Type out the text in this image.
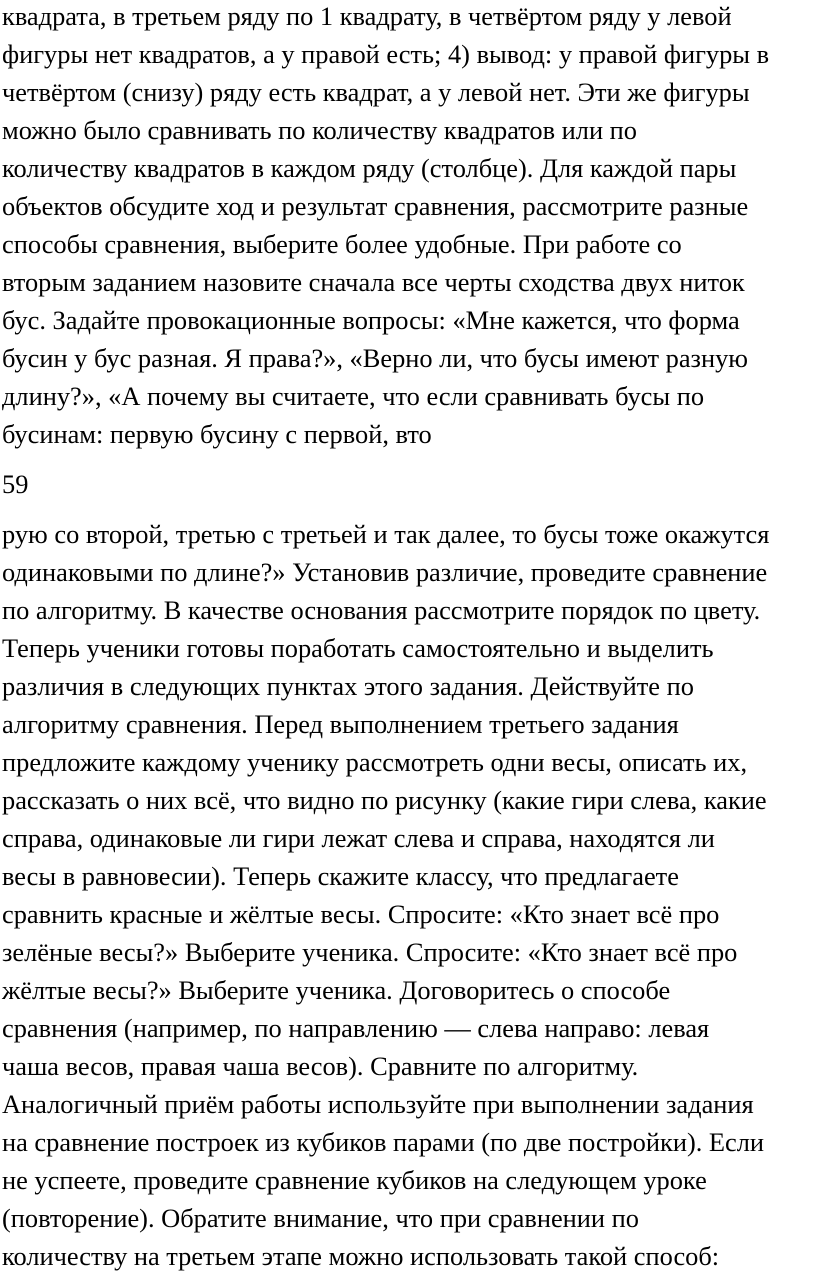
квадрата, в третьем ряду по 1 квадрату, в четвёртом ряду у левой
фигуры нет квадратов, а у правой есть; 4) вывод: у правой фигуры в
четвёртом (снизу) ряду есть квадрат, а у левой нет. Эти же фигуры
можно было сравнивать по количеству квадратов или по
количеству квадратов в каждом ряду (столбце). Для каждой пары
объектов обсудите ход и результат сравнения, рассмотрите разные
способы сравнения, выберите более удобные. При работе со
вторым заданием назовите сначала все черты сходства двух ниток
бус. Задайте провокационные вопросы: «Мне кажется, что форма
бусин у бус разная. Я права?», «Верно ли, что бусы имеют разную
длину?», «А почему вы считаете, что если сравнивать бусы по
бусинам: первую бусину с первой, вто
59
рую со второй, третью с третьей и так далее, то бусы тоже окажутся
одинаковыми по длине?» Установив различие, проведите сравнение
по алгоритму. В качестве основания рассмотрите порядок по цвету.
Теперь ученики готовы поработать самостоятельно и выделить
различия в следующих пунктах этого задания. Действуйте по
алгоритму сравнения. Перед выполнением третьего задания
предложите каждому ученику рассмотреть одни весы, описать их,
рассказать о них всё, что видно по рисунку (какие гири слева, какие
справа, одинаковые ли гири лежат слева и справа, находятся ли
весы в равновесии). Теперь скажите классу, что предлагаете
сравнить красные и жёлтые весы. Спросите: «Кто знает всё про
зелёные весы?» Выберите ученика. Спросите: «Кто знает всё про
жёлтые весы?» Выберите ученика. Договоритесь о способе
сравнения (например, по направлению — слева направо: левая
чаша весов, правая чаша весов). Сравните по алгоритму.
Аналогичный приём работы используйте при выполнении задания
на сравнение построек из кубиков парами (по две постройки). Если
не успеете, проведите сравнение кубиков на следующем уроке
(повторение). Обратите внимание, что при сравнении по
количеству на третьем этапе можно использовать такой способ:
